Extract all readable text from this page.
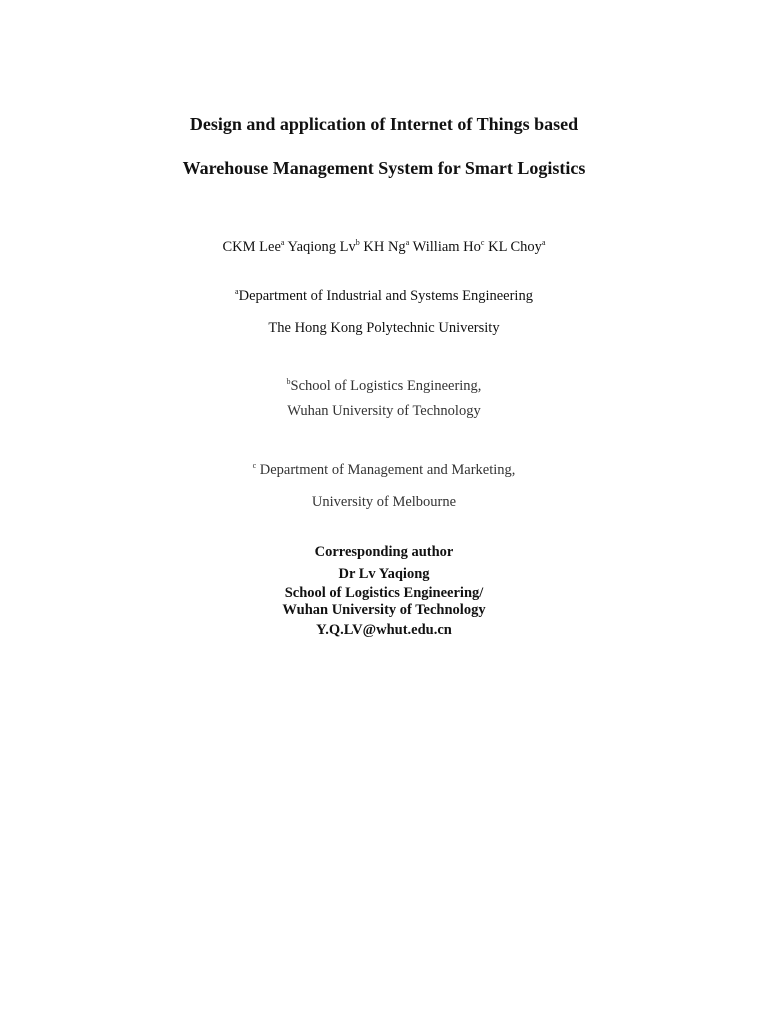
Design and application of Internet of Things based
Warehouse Management System for Smart Logistics
CKM Lee$^a$ Yaqiong Lv$^b$ KH Ng$^a$ William Ho$^c$ KL Choy$^a$
$^a$Department of Industrial and Systems Engineering
The Hong Kong Polytechnic University
$^b$School of Logistics Engineering,
Wuhan University of Technology
$^c$ Department of Management and Marketing,
University of Melbourne
Corresponding author
Dr Lv Yaqiong
School of Logistics Engineering/
Wuhan University of Technology
Y.Q.LV@whut.edu.cn
